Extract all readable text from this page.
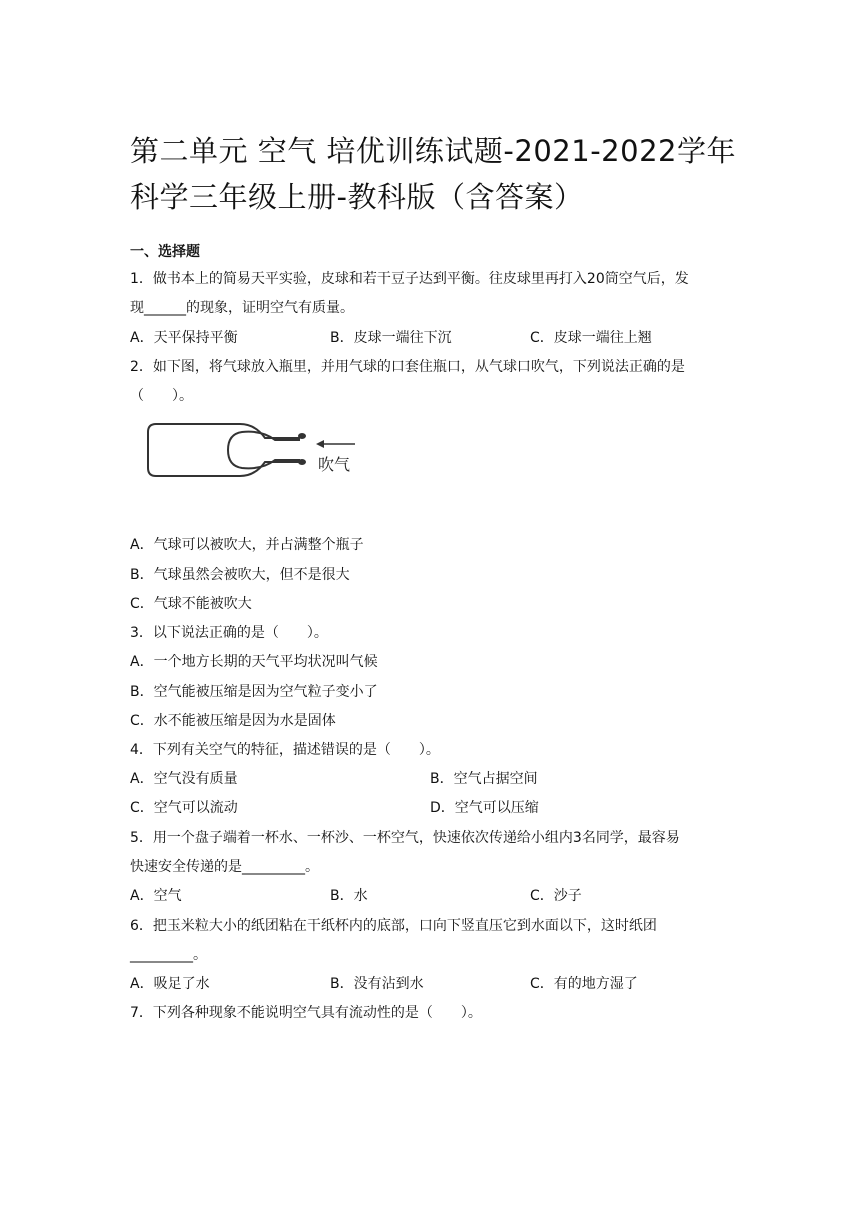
第二单元 空气 培优训练试题-2021-2022学年科学三年级上册-教科版（含答案）
一、选择题
1．做书本上的简易天平实验，皮球和若干豆子达到平衡。往皮球里再打入20筒空气后，发
现______的现象，证明空气有质量。
A．天平保持平衡	B．皮球一端往下沉	C．皮球一端往上翘
2．如下图，将气球放入瓶里，并用气球的口套住瓶口，从气球口吹气，下列说法正确的是
（　　）。
吹气
A．气球可以被吹大，并占满整个瓶子
B．气球虽然会被吹大，但不是很大
C．气球不能被吹大
3．以下说法正确的是（　　）。
A．一个地方长期的天气平均状况叫气候
B．空气能被压缩是因为空气粒子变小了
C．水不能被压缩是因为水是固体
4．下列有关空气的特征，描述错误的是（　　）。
A．空气没有质量	B．空气占据空间
C．空气可以流动	D．空气可以压缩
5．用一个盘子端着一杯水、一杯沙、一杯空气，快速依次传递给小组内3名同学，最容易
快速安全传递的是_________。
A．空气	B．水	C．沙子
6．把玉米粒大小的纸团粘在干纸杯内的底部，口向下竖直压它到水面以下，这时纸团
_________。
A．吸足了水	B．没有沾到水	C．有的地方湿了
7．下列各种现象不能说明空气具有流动性的是（　　）。
